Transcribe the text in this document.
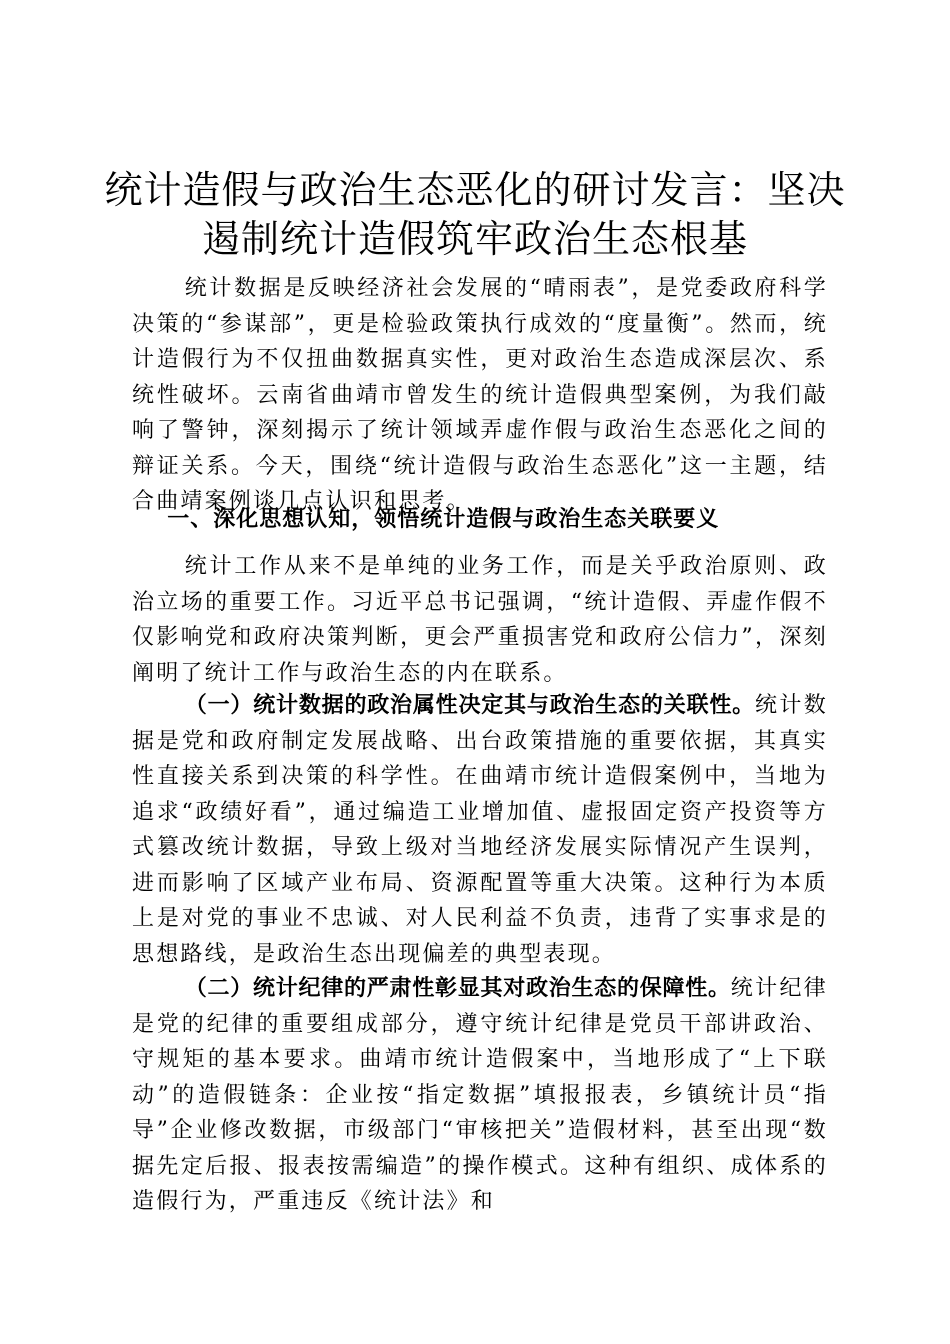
统计造假与政治生态恶化的研讨发言：坚决遏制统计造假筑牢政治生态根基

统计数据是反映经济社会发展的“晴雨表”，是党委政府科学决策的“参谋部”，更是检验政策执行成效的“度量衡”。然而，统计造假行为不仅扭曲数据真实性，更对政治生态造成深层次、系统性破坏。云南省曲靖市曾发生的统计造假典型案例，为我们敲响了警钟，深刻揭示了统计领域弄虚作假与政治生态恶化之间的辩证关系。今天，围绕“统计造假与政治生态恶化”这一主题，结合曲靖案例谈几点认识和思考。

一、深化思想认知，领悟统计造假与政治生态关联要义

统计工作从来不是单纯的业务工作，而是关乎政治原则、政治立场的重要工作。习近平总书记强调，“统计造假、弄虚作假不仅影响党和政府决策判断，更会严重损害党和政府公信力”，深刻阐明了统计工作与政治生态的内在联系。

（一）统计数据的政治属性决定其与政治生态的关联性。统计数据是党和政府制定发展战略、出台政策措施的重要依据，其真实性直接关系到决策的科学性。在曲靖市统计造假案例中，当地为追求“政绩好看”，通过编造工业增加值、虚报固定资产投资等方式篡改统计数据，导致上级对当地经济发展实际情况产生误判，进而影响了区域产业布局、资源配置等重大决策。这种行为本质上是对党的事业不忠诚、对人民利益不负责，违背了实事求是的思想路线，是政治生态出现偏差的典型表现。

（二）统计纪律的严肃性彰显其对政治生态的保障性。统计纪律是党的纪律的重要组成部分，遵守统计纪律是党员干部讲政治、守规矩的基本要求。曲靖市统计造假案中，当地形成了“上下联动”的造假链条：企业按“指定数据”填报报表，乡镇统计员“指导”企业修改数据，市级部门“审核把关”造假材料，甚至出现“数据先定后报、报表按需编造”的操作模式。这种有组织、成体系的造假行为，严重违反《统计法》和
